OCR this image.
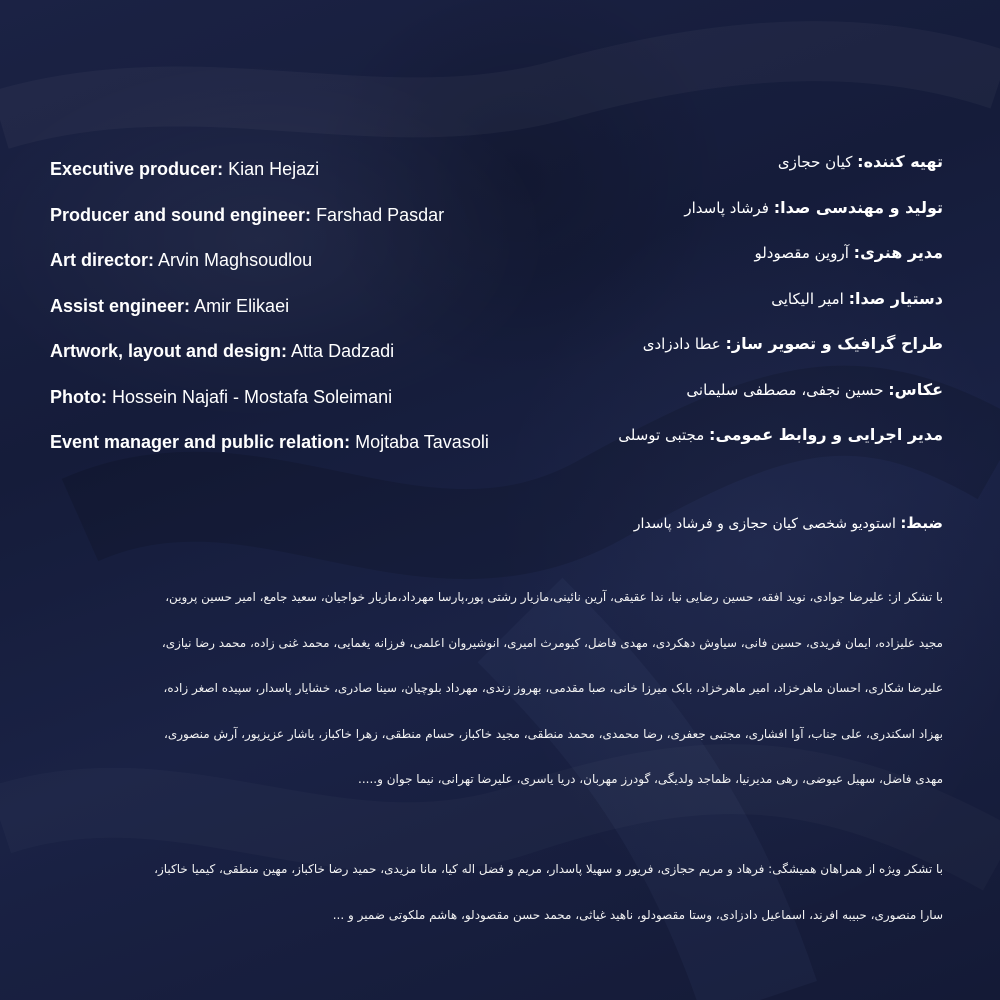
Executive producer: Kian Hejazi
Producer and sound engineer: Farshad Pasdar
Art director: Arvin Maghsoudlou
Assist engineer: Amir Elikaei
Artwork, layout and design: Atta Dadzadi
Photo: Hossein Najafi - Mostafa Soleimani
Event manager and public relation: Mojtaba Tavasoli
تهیه کننده: کیان حجازی
تولید و مهندسی صدا: فرشاد پاسدار
مدیر هنری: آروین مقصودلو
دستیار صدا: امیر الیکایی
طراح گرافیک و تصویر ساز: عطا دادزادی
عکاس: حسین نجفی، مصطفی سلیمانی
مدیر اجرایی و روابط عمومی: مجتبی توسلی
ضبط: استودیو شخصی کیان حجازی و فرشاد پاسدار
با تشکر از: علیرضا جوادی، نوید افقه، حسین رضایی نیا، ندا عقیقی، آرین نائینی،مازیار رشتی پور،پارسا مهرداد،مازیار خواجیان، سعید جامع، امیر حسین پروین،
مجید علیزاده، ایمان فریدی، حسین فانی، سیاوش دهکردی، مهدی فاضل، کیومرث امیری، انوشیروان اعلمی، فرزانه یغمایی، محمد غنی زاده، محمد رضا نیازی،
علیرضا شکاری، احسان ماهرخزاد، امیر ماهرخزاد، بابک میرزا خانی، صبا مقدمی، بهروز زندی، مهرداد بلوچیان، سینا صادری، خشایار پاسدار، سپیده اصغر زاده،
بهزاد اسکندری، علی جناب، آوا افشاری، مجتبی جعفری، رضا محمدی، محمد منطقی، مجید خاکباز، حسام منطقی، زهرا خاکباز، یاشار عزیزپور، آرش منصوری،
مهدی فاضل، سهیل عیوضی، رهی مدیرنیا، ظماجد ولدیگی، گودرز مهربان، دریا یاسری، علیرضا تهرانی، نیما جوان و.....
با تشکر ویژه از همراهان همیشگی: فرهاد و مریم حجازی، فریور و سهیلا پاسدار، مریم و فضل اله کیا، مانا مزیدی، حمید رضا خاکباز، مهین منطقی، کیمیا خاکباز،
سارا منصوری، حبیبه افرند، اسماعیل دادزادی، وستا مقصودلو، ناهید غیاثی، محمد حسن مقصودلو، هاشم ملکوتی ضمیر و ...
